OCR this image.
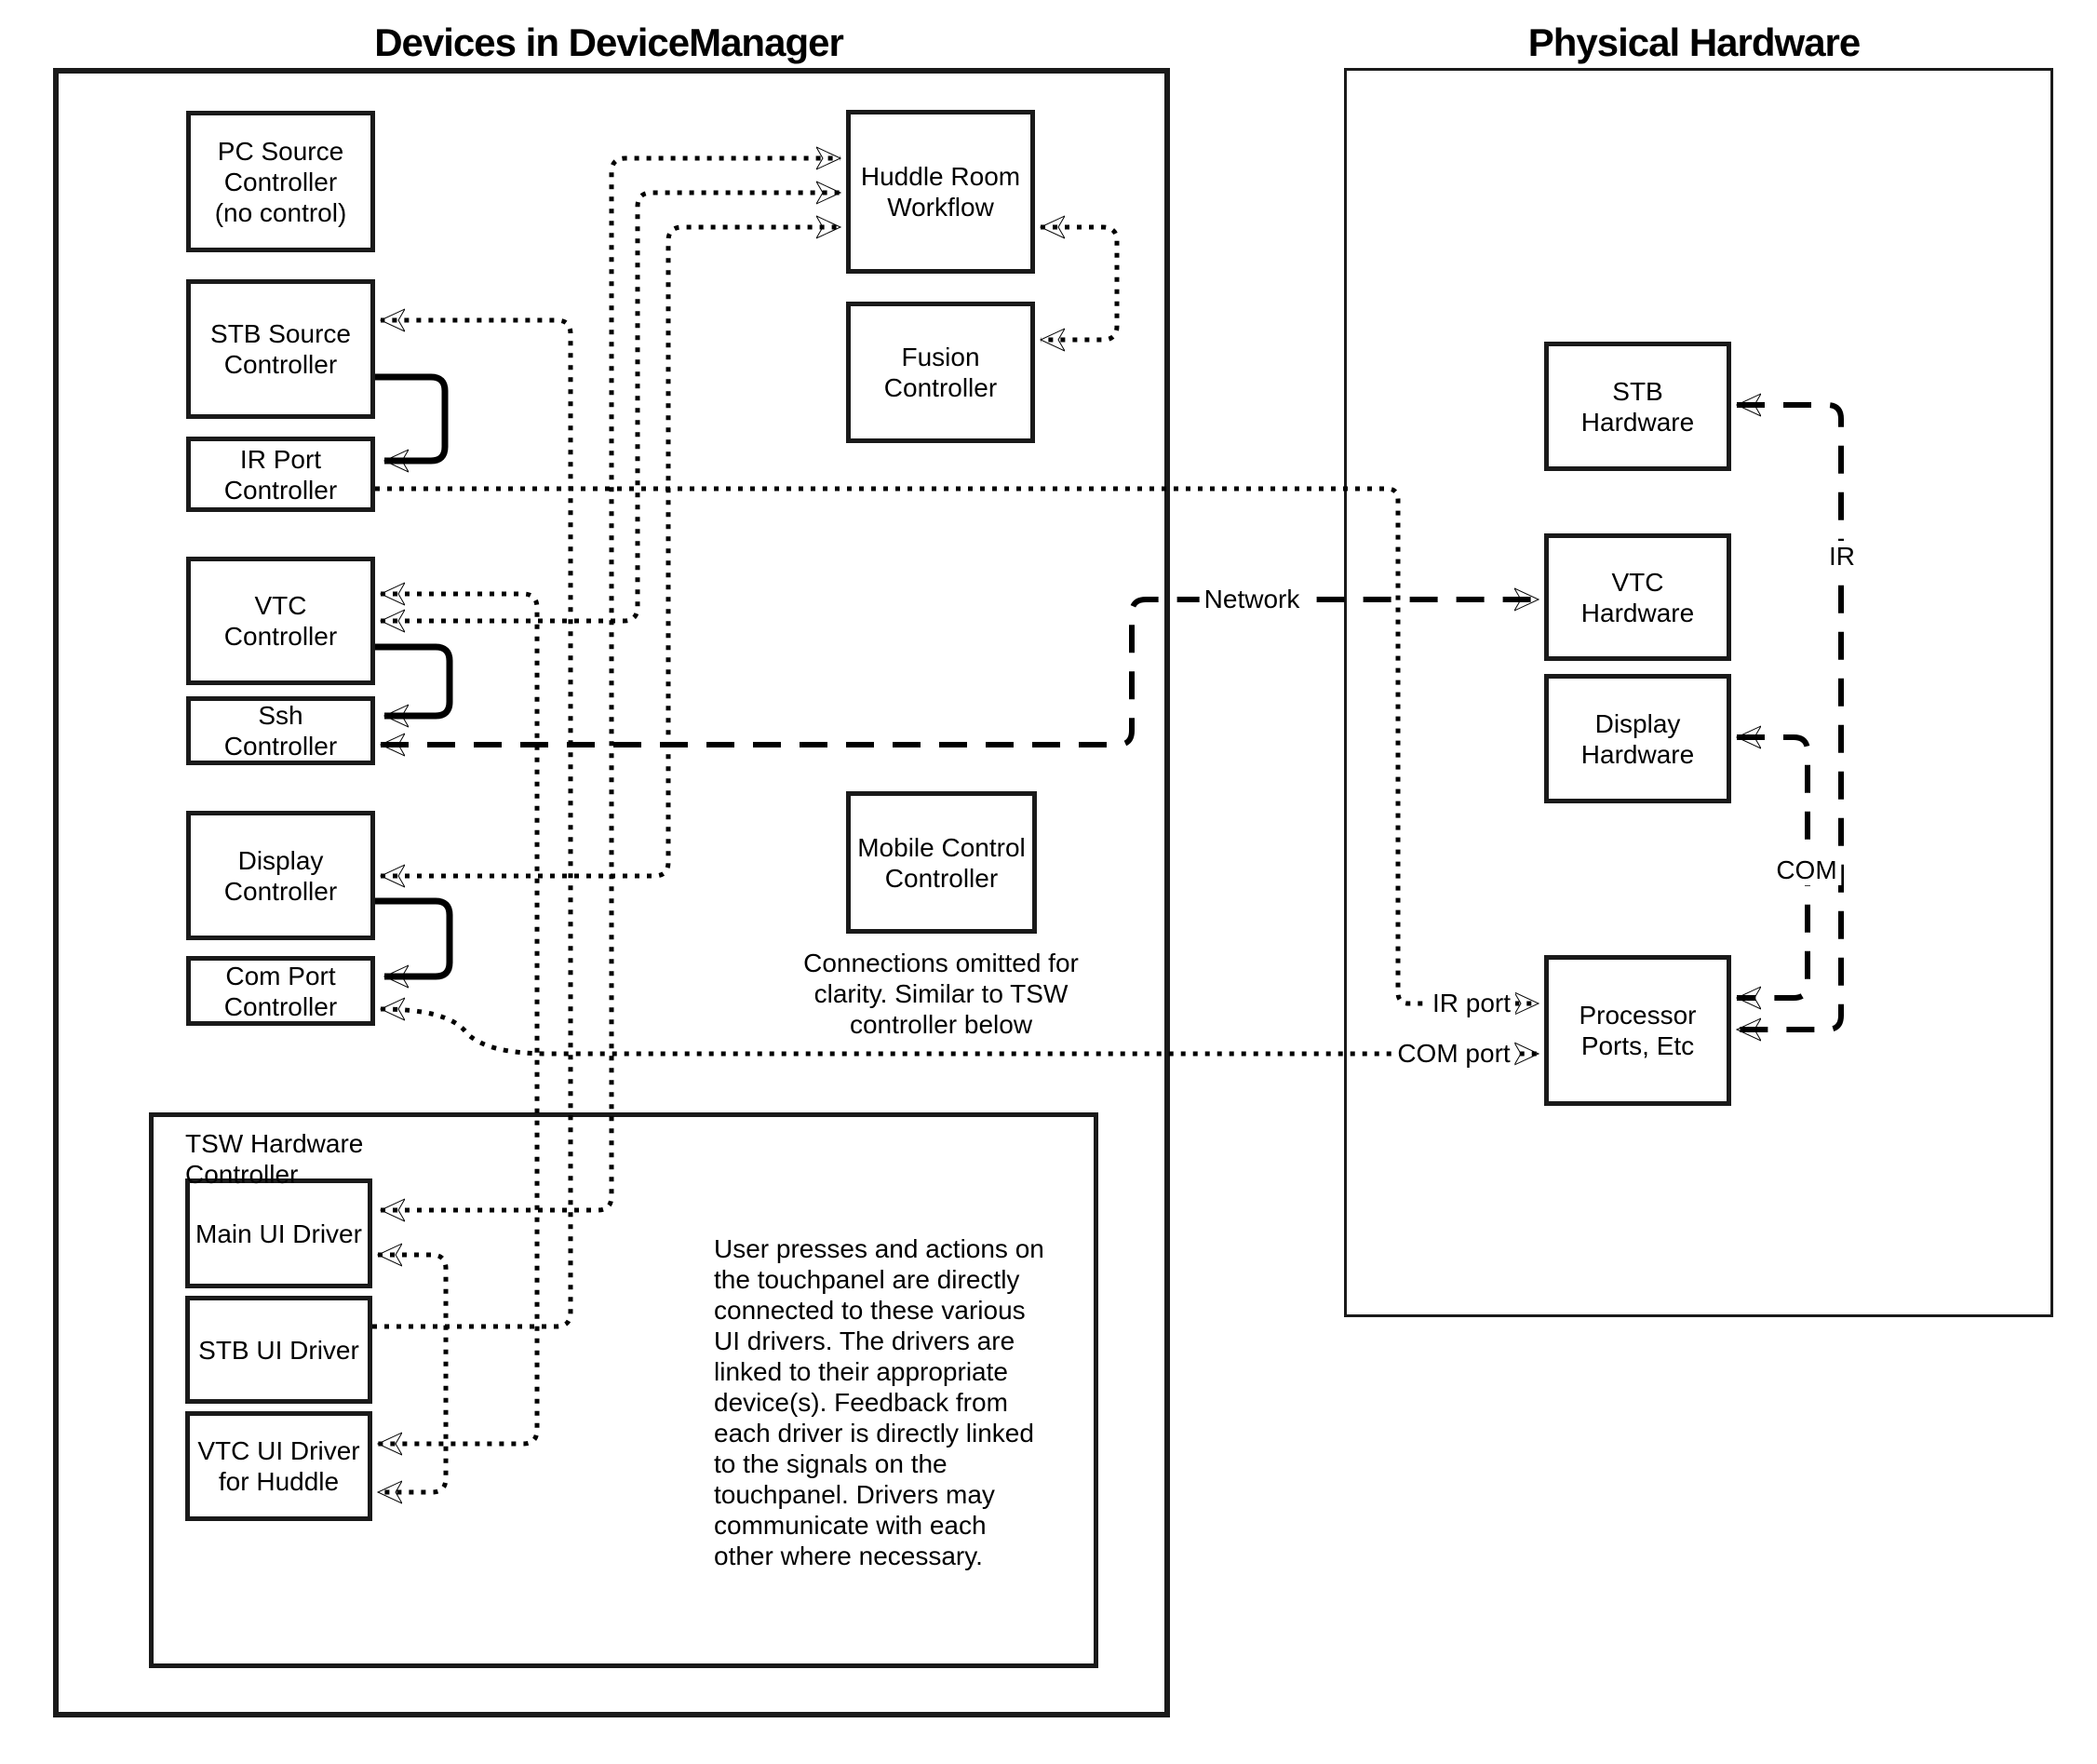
Devices in DeviceManager	Physical Hardware
PC Source
Controller
(no control)
STB Source
Controller
IR Port
Controller
VTC
Controller
Ssh
Controller
Display
Controller
Com Port
Controller
Huddle Room
Workflow
Fusion
Controller
Mobile Control
Controller
Main UI Driver
STB UI Driver
VTC UI Driver
for Huddle
STB
Hardware
VTC
Hardware
Display
Hardware
Processor
Ports, Etc
TSW Hardware
Controller
Connections omitted for
clarity. Similar to TSW
controller below
User presses and actions on
the touchpanel are directly
connected to these various
UI drivers. The drivers are
linked to their appropriate
device(s). Feedback from
each driver is directly linked
to the signals on the
touchpanel. Drivers may
communicate with each
other where necessary.
Network
IR
COM
IR port
COM port
